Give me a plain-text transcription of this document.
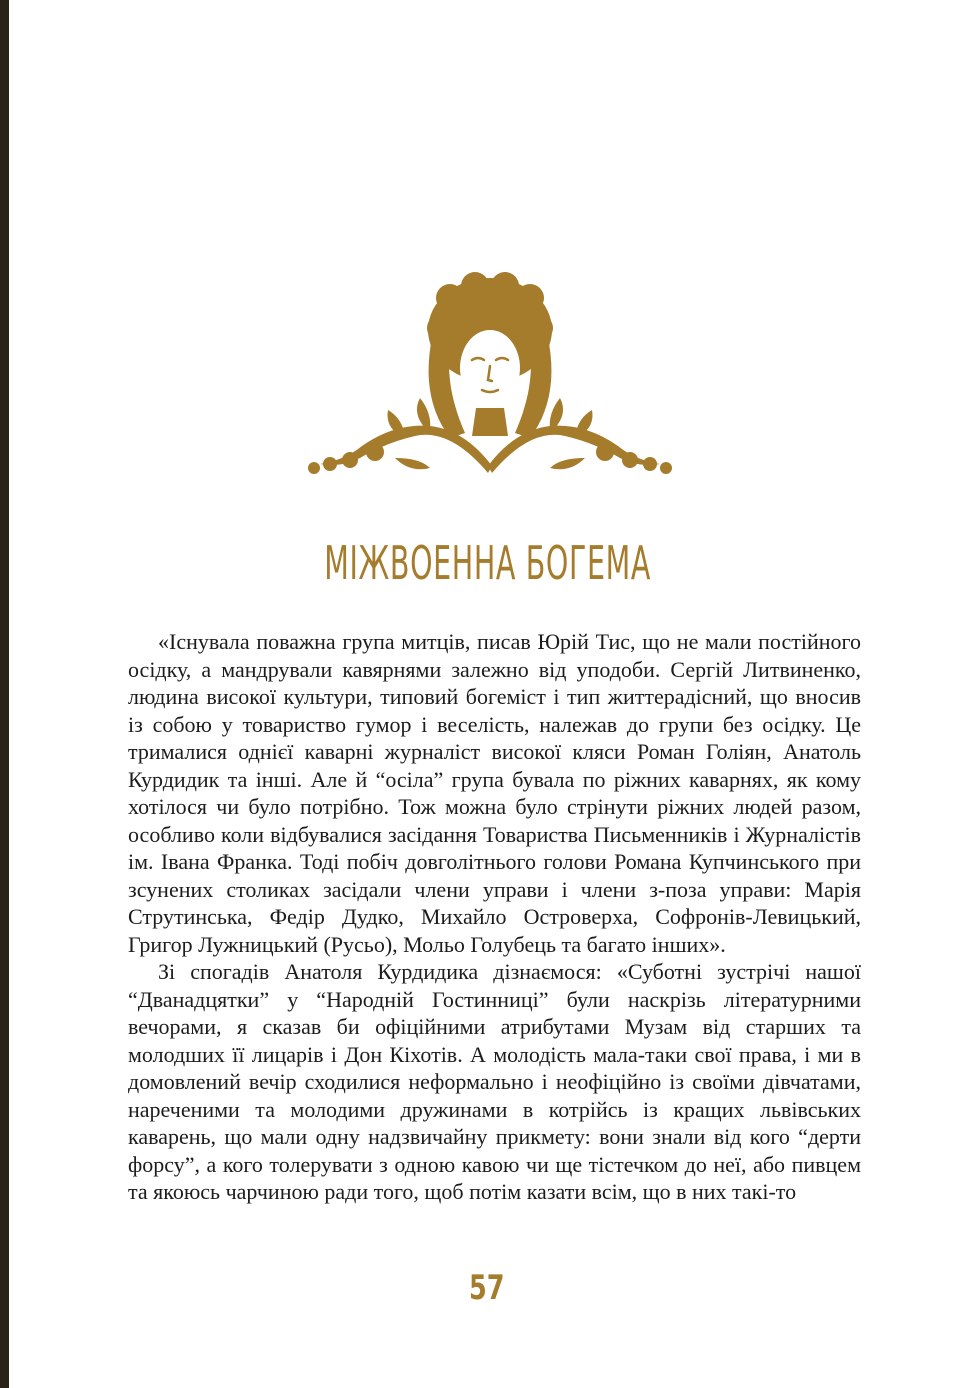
МІЖВОЕННА БОГЕМА

«Існувала поважна група митців, писав Юрій Тис, що не мали постійного осідку, а мандрували кавярнями залежно від уподоби. Сергій Литвиненко, людина високої культури, типовий богеміст і тип життерадісний, що вносив із собою у товариство гумор і веселість, належав до групи без осідку. Це трималися однієї каварні журналіст високої кляси Роман Голіян, Анатоль Курдидик та інші. Але й “осіла” група бувала по ріжних каварнях, як кому хотілося чи було потрібно. Тож можна було стрінути ріжних людей разом, особливо коли відбувалися засідання Товариства Письменників і Журналістів ім. Івана Франка. Тоді побіч довголітнього голови Романа Купчинського при зсунених столиках засідали члени управи і члени з-поза управи: Марія Струтинська, Федір Дудко, Михайло Островерха, Софронів-Левицький, Григор Лужницький (Русьо), Мольо Голубець та багато інших».

Зі спогадів Анатоля Курдидика дізнаємося: «Суботні зустрічі нашої “Дванадцятки” у “Народній Гостинниці” були наскрізь літературними вечорами, я сказав би офіційними атрибутами Музам від старших та молодших її лицарів і Дон Кіхотів. А молодість мала-таки свої права, і ми в домовлений вечір сходилися неформально і неофіційно із своїми дівчатами, нареченими та молодими дружинами в котрійсь із кращих львівських каварень, що мали одну надзвичайну прикмету: вони знали від кого “дерти форсу”, а кого толерувати з одною кавою чи ще тістечком до неї, або пивцем та якоюсь чарчиною ради того, щоб потім казати всім, що в них такі-то

57
